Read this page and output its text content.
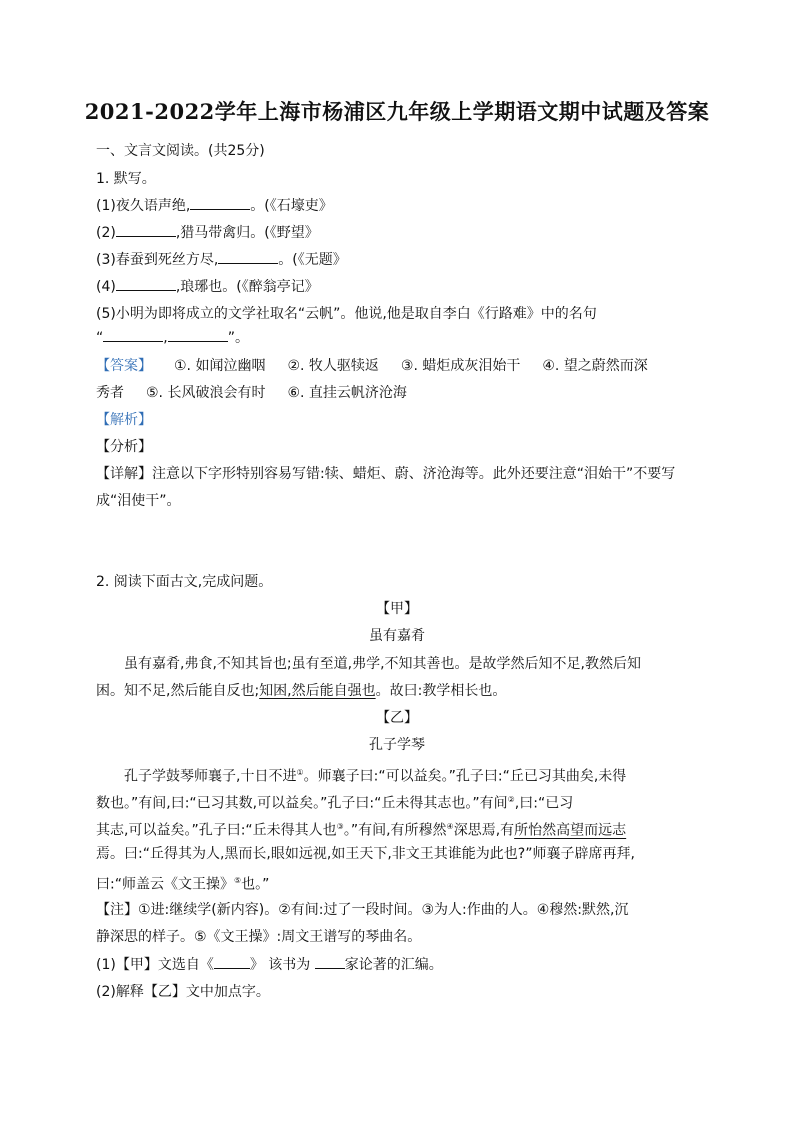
2021-2022学年上海市杨浦区九年级上学期语文期中试题及答案
一、文言文阅读。(共25分)
1. 默写。
(1)夜久语声绝,	。(《石壕吏》
(2)	,猎马带禽归。(《野望》
(3)春蚕到死丝方尽,	。(《无题》
(4)	,琅琊也。(《醉翁亭记》
(5)小明为即将成立的文学社取名“云帆”。他说,他是取自李白《行路难》中的名句
“	,	”。
【答案】 ①. 如闻泣幽咽 ②. 牧人驱犊返 ③. 蜡炬成灰泪始干 ④. 望之蔚然而深
秀者 ⑤. 长风破浪会有时 ⑥. 直挂云帆济沧海
【解析】
【分析】
【详解】注意以下字形特别容易写错:犊、蜡炬、蔚、济沧海等。此外还要注意“泪始干”不要写
成“泪使干”。
2. 阅读下面古文,完成问题。
【甲】
虽有嘉肴
虽有嘉肴,弗食,不知其旨也;虽有至道,弗学,不知其善也。是故学然后知不足,教然后知
困。知不足,然后能自反也;知困,然后能自强也。故曰:教学相长也。
【乙】
孔子学琴
孔子学鼓琴师襄子,十日不进①。师襄子曰:“可以益矣。”孔子曰:“丘已习其曲矣,未得
数也。”有间,曰:“已习其数,可以益矣。”孔子曰:“丘未得其志也。”有间②,曰:“已习
其志,可以益矣。”孔子曰:“丘未得其人也③。”有间,有所穆然④深思焉,有所怡然高望而远志
焉。曰:“丘得其为人,黑而长,眼如远视,如王天下,非文王其谁能为此也?”师襄子辟席再拜,
曰:“师盖云《文王操》⑤也。”
【注】①进:继续学(新内容)。②有间:过了一段时间。③为人:作曲的人。④穆然:默然,沉
静深思的样子。⑤《文王操》:周文王谱写的琴曲名。
(1)【甲】文选自《	》 该书为 家论著的汇编。
(2)解释【乙】文中加点字。
